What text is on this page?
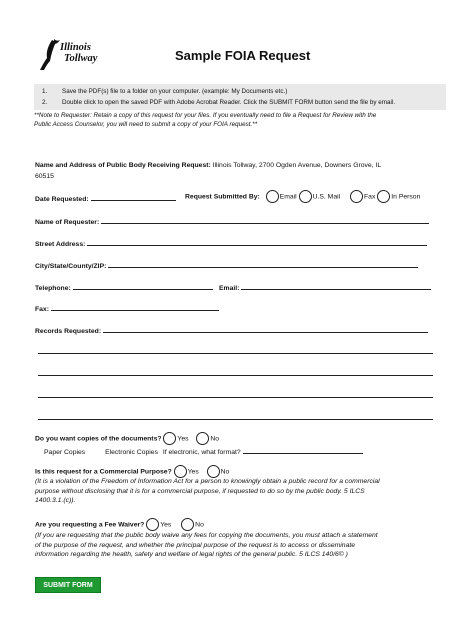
Illinois
Tollway	Sample FOIA Request
1.	Save the PDF(s) file to a folder on your computer. (example: My Documents etc.)
2.	Double click to open the saved PDF with Adobe Acrobat Reader. Click the SUBMIT FORM button send the file by email.
**Note to Requester: Retain a copy of this request for your files. If you eventually need to file a Request for Review with the
Public Access Counselor, you will need to submit a copy of your FOIA request.**
Name and Address of Public Body Receiving Request: Illinois Tollway, 2700 Ogden Avenue, Downers Grove, IL
60515
Date Requested:	Request Submitted By:	Email U.S. Mail	Fax In Person
Name of Requester:
Street Address:
City/State/County/ZIP:
Telephone:	Email:
Fax:
Records Requested:
Do you want copies of the documents? Yes	No
Paper Copies	Electronic Copies If electronic, what format?
Is this request for a Commercial Purpose? Yes	No
(It is a violation of the Freedom of Information Act for a person to knowingly obtain a public record for a commercial
purpose without disclosing that it is for a commercial purpose, if requested to do so by the public body. 5 ILCS
1400.3.1.(c)).
Are you requesting a Fee Waiver? Yes	No
(If you are requesting that the public body waive any fees for copying the documents, you must attach a statement
of the purpose of the request, and whether the principal purpose of the request is to access or disseminate
information regarding the health, safety and welfare of legal rights of the general public. 5 ILCS 140/6© )
SUBMIT FORM
